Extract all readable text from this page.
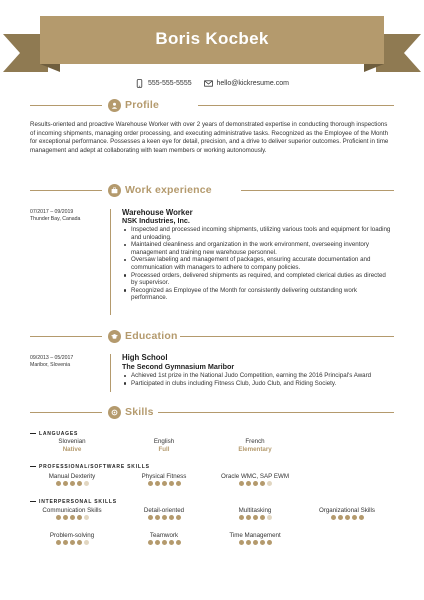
Boris Kocbek
555-555-5555	hello@kickresume.com
Profile
Results-oriented and proactive Warehouse Worker with over 2 years of demonstrated expertise in conducting thorough inspections of incoming shipments, managing order processing, and executing administrative tasks. Recognized as the Employee of the Month for exceptional performance. Possesses a keen eye for detail, precision, and a drive to deliver superior outcomes. Proficient in time management and adept at collaborating with team members or working autonomously.
Work experience
07/2017 – 09/2019
Thunder Bay, Canada
Warehouse Worker
NSK Industries, Inc.
Inspected and processed incoming shipments, utilizing various tools and equipment for loading and unloading.
Maintained cleanliness and organization in the work environment, overseeing inventory management and training new warehouse personnel.
Oversaw labeling and management of packages, ensuring accurate documentation and communication with managers to adhere to company policies.
Processed orders, delivered shipments as required, and completed clerical duties as directed by supervisor.
Recognized as Employee of the Month for consistently delivering outstanding work performance.
Education
09/2013 – 05/2017
Maribor, Slovenia
High School
The Second Gymnasium Maribor
Achieved 1st prize in the National Judo Competition, earning the 2016 Principal's Award
Participated in clubs including Fitness Club, Judo Club, and Riding Society.
Skills
LANGUAGES
Slovenian
Native
English
Full
French
Elementary
PROFESSIONAL/SOFTWARE SKILLS
Manual Dexterity	Physical Fitness	Oracle WMC, SAP EWM
INTERPERSONAL SKILLS
Communication Skills	Detail-oriented	Multitasking	Organizational Skills
Problem-solving	Teamwork	Time Management
